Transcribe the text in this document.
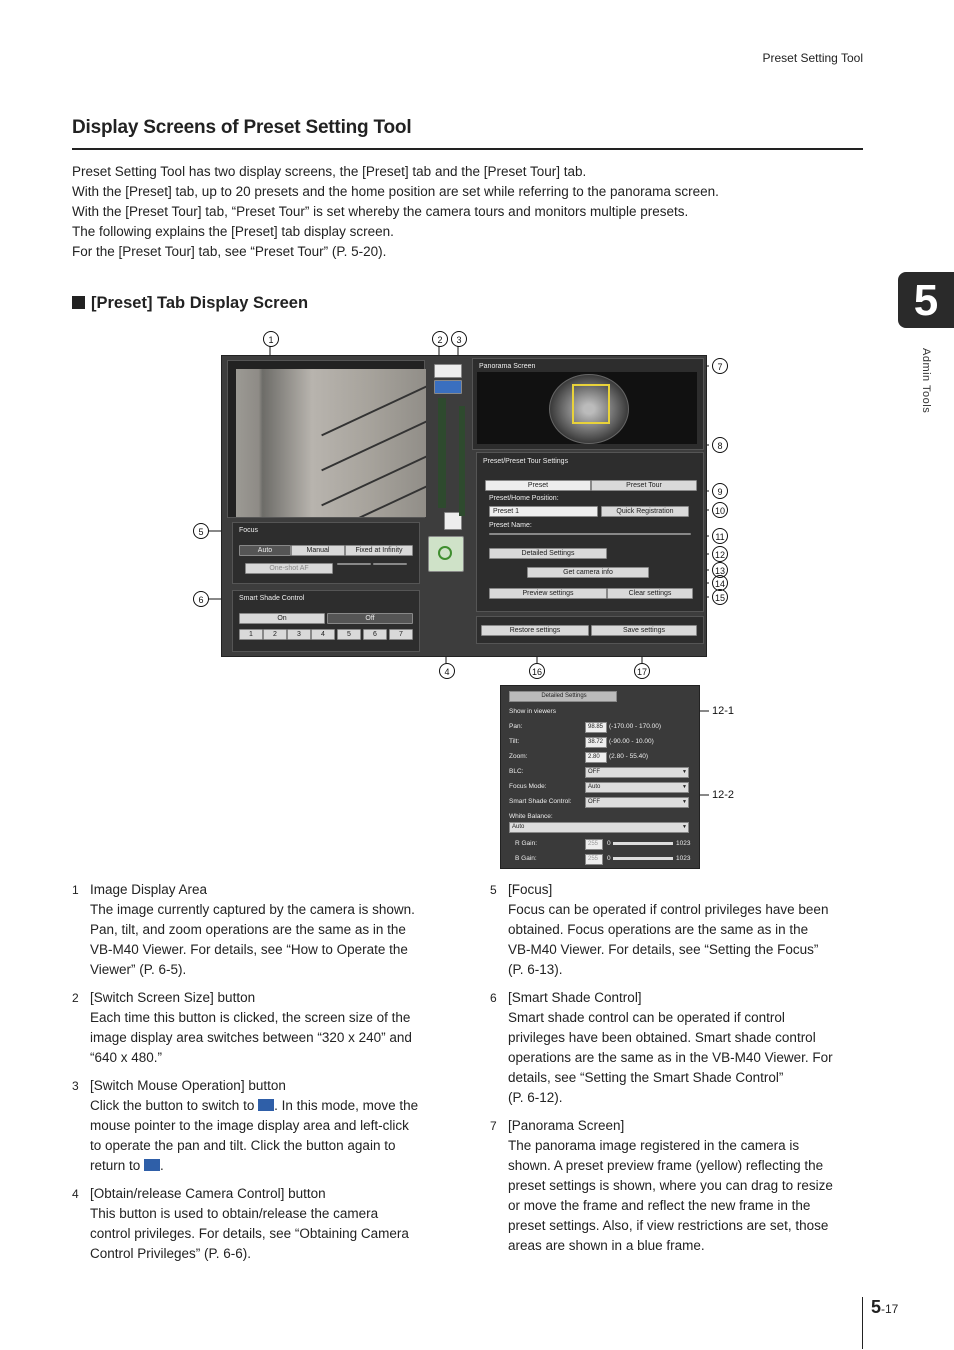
Preset Setting Tool
Display Screens of Preset Setting Tool
Preset Setting Tool has two display screens, the [Preset] tab and the [Preset Tour] tab.
With the [Preset] tab, up to 20 presets and the home position are set while referring to the panorama screen.
With the [Preset Tour] tab, “Preset Tour” is set whereby the camera tours and monitors multiple presets.
The following explains the [Preset] tab display screen.
For the [Preset Tour] tab, see “Preset Tour” (P. 5-20).
[Preset] Tab Display Screen	5
Admin Tools
1	2	3
5
6
7
8
9
10
11
12
13
14
15
4	16	17
12-1
12-2
Focus
Auto	Manual	Fixed at Infinity
One-shot AF
Smart Shade Control
On	Off
1	2	3	4	5	6	7
Panorama Screen
Preset/Preset Tour Settings
Preset	Preset Tour
Preset/Home Position:
Preset 1	Quick Registration
Preset Name:
Detailed Settings
Get camera info
Preview settings	Clear settings
Restore settings	Save settings
Detailed Settings
Show in viewers
Pan:	98.85 (-170.00 - 170.00)
Tilt:	38.72 (-90.00 - 10.00)
Zoom:	2.80	(2.80 - 55.40)
BLC:	OFF ▼
Focus Mode:	Auto ▼
Smart Shade Control:	OFF ▼
White Balance:
Auto ▼
R Gain:	255	0	1023
B Gain:	255	0	1023
1 Image Display Area
The image currently captured by the camera is shown.
Pan, tilt, and zoom operations are the same as in the
VB-M40 Viewer. For details, see “How to Operate the
Viewer” (P. 6-5).
2 [Switch Screen Size] button
Each time this button is clicked, the screen size of the
image display area switches between “320 x 240” and
“640 x 480.”
3 [Switch Mouse Operation] button
Click the button to switch to . In this mode, move the
mouse pointer to the image display area and left-click
to operate the pan and tilt. Click the button again to
return to .
4 [Obtain/release Camera Control] button
This button is used to obtain/release the camera
control privileges. For details, see “Obtaining Camera
Control Privileges” (P. 6-6).
5 [Focus]
Focus can be operated if control privileges have been
obtained. Focus operations are the same as in the
VB-M40 Viewer. For details, see “Setting the Focus”
(P. 6-13).
6 [Smart Shade Control]
Smart shade control can be operated if control
privileges have been obtained. Smart shade control
operations are the same as in the VB-M40 Viewer. For
details, see “Setting the Smart Shade Control”
(P. 6-12).
7 [Panorama Screen]
The panorama image registered in the camera is
shown. A preset preview frame (yellow) reflecting the
preset settings is shown, where you can drag to resize
or move the frame and reflect the new frame in the
preset settings. Also, if view restrictions are set, those
areas are shown in a blue frame.
5-17
